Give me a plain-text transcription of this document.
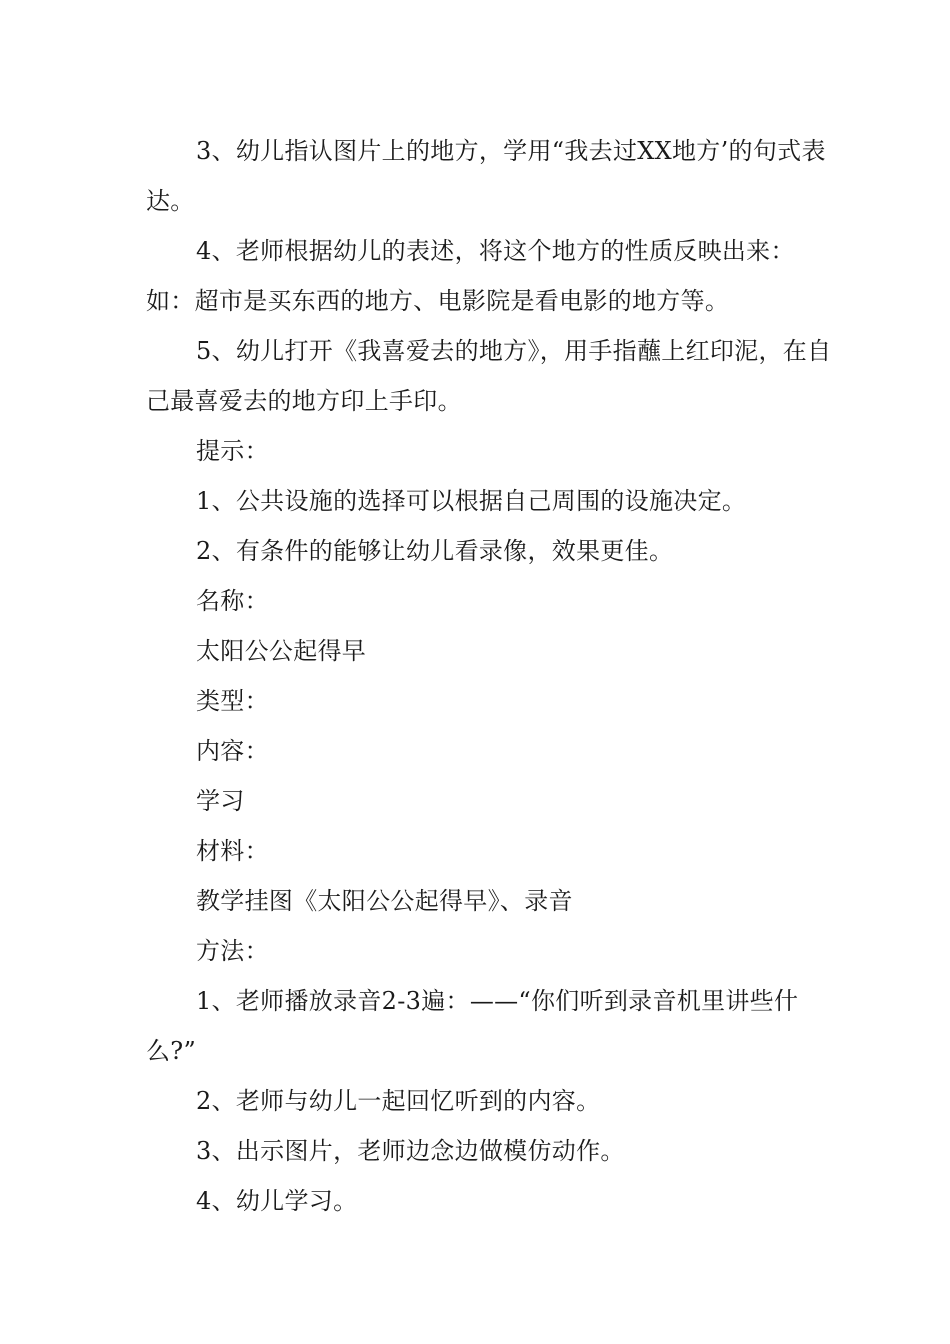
3、幼儿指认图片上的地方，学用“我去过XX地方’的句式表达。

4、老师根据幼儿的表述，将这个地方的性质反映出来：如：超市是买东西的地方、电影院是看电影的地方等。

5、幼儿打开《我喜爱去的地方》，用手指蘸上红印泥，在自己最喜爱去的地方印上手印。

提示：

1、公共设施的选择可以根据自己周围的设施决定。

2、有条件的能够让幼儿看录像，效果更佳。

名称：

太阳公公起得早

类型：

内容：

学习

材料：

教学挂图《太阳公公起得早》、录音

方法：

1、老师播放录音2-3遍：——“你们听到录音机里讲些什么?”

2、老师与幼儿一起回忆听到的内容。

3、出示图片，老师边念边做模仿动作。

4、幼儿学习。
